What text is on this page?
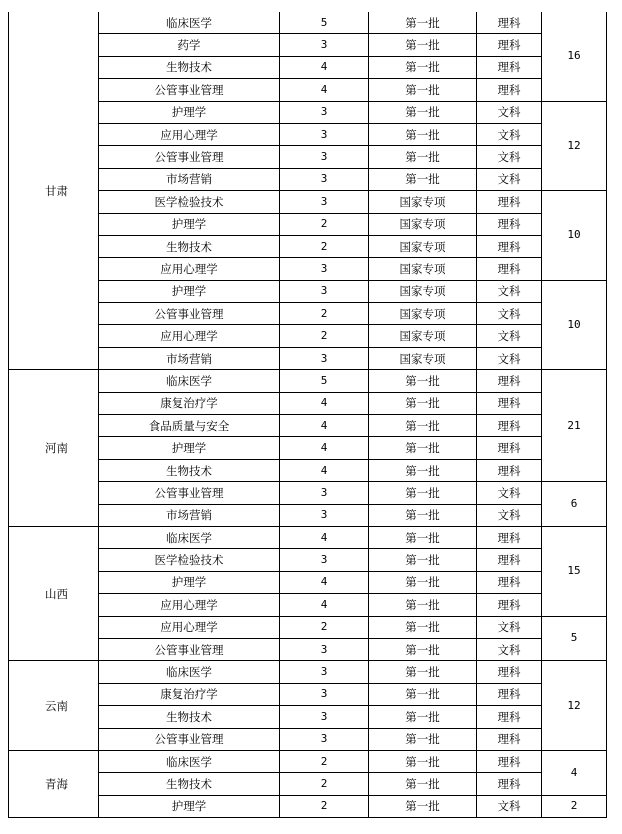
甘肃	临床医学	5	第一批	理科	16
	药学	3	第一批	理科	
	生物技术	4	第一批	理科	
	公管事业管理	4	第一批	理科	
	护理学	3	第一批	文科	12
	应用心理学	3	第一批	文科	
	公管事业管理	3	第一批	文科	
	市场营销	3	第一批	文科	
	医学检验技术	3	国家专项	理科	10
	护理学	2	国家专项	理科	
	生物技术	2	国家专项	理科	
	应用心理学	3	国家专项	理科	
	护理学	3	国家专项	文科	10
	公管事业管理	2	国家专项	文科	
	应用心理学	2	国家专项	文科	
	市场营销	3	国家专项	文科	
河南	临床医学	5	第一批	理科	21
	康复治疗学	4	第一批	理科	
	食品质量与安全	4	第一批	理科	
	护理学	4	第一批	理科	
	生物技术	4	第一批	理科	
	公管事业管理	3	第一批	文科	6
	市场营销	3	第一批	文科	
山西	临床医学	4	第一批	理科	15
	医学检验技术	3	第一批	理科	
	护理学	4	第一批	理科	
	应用心理学	4	第一批	理科	
	应用心理学	2	第一批	文科	5
	公管事业管理	3	第一批	文科	
云南	临床医学	3	第一批	理科	12
	康复治疗学	3	第一批	理科	
	生物技术	3	第一批	理科	
	公管事业管理	3	第一批	理科	
青海	临床医学	2	第一批	理科	4
	生物技术	2	第一批	理科	
	护理学	2	第一批	文科	2
